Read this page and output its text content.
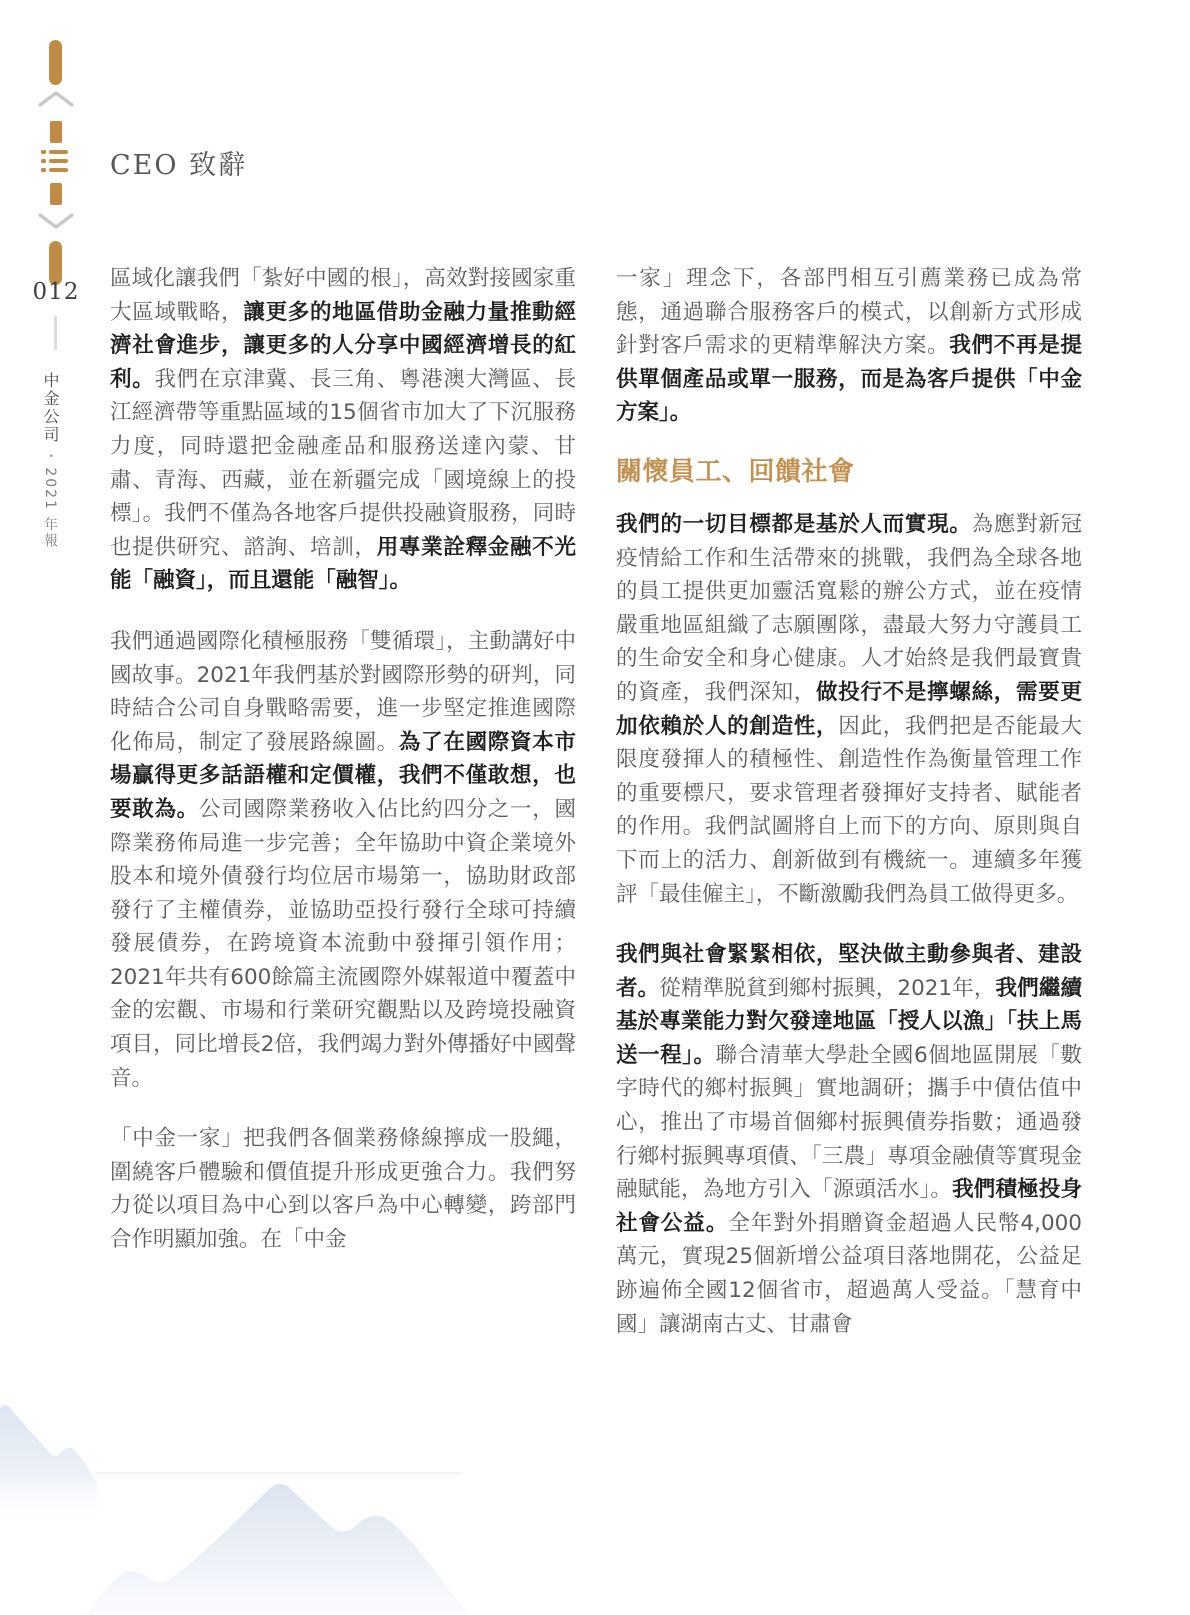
012
中金公司•2021 年報
CEO 致辭

區域化讓我們「紮好中國的根」，高效對接國家重大區域戰略，讓更多的地區借助金融力量推動經濟社會進步，讓更多的人分享中國經濟增長的紅利。我們在京津冀、長三角、粵港澳大灣區、長江經濟帶等重點區域的15個省市加大了下沉服務力度，同時還把金融產品和服務送達內蒙、甘肅、青海、西藏，並在新疆完成「國境線上的投標」。我們不僅為各地客戶提供投融資服務，同時也提供研究、諮詢、培訓，用專業詮釋金融不光能「融資」，而且還能「融智」。

我們通過國際化積極服務「雙循環」，主動講好中國故事。2021年我們基於對國際形勢的研判，同時結合公司自身戰略需要，進一步堅定推進國際化佈局，制定了發展路線圖。為了在國際資本市場贏得更多話語權和定價權，我們不僅敢想，也要敢為。公司國際業務收入佔比約四分之一，國際業務佈局進一步完善；全年協助中資企業境外股本和境外債發行均位居市場第一，協助財政部發行了主權債券，並協助亞投行發行全球可持續發展債券，在跨境資本流動中發揮引領作用；2021年共有600餘篇主流國際外媒報道中覆蓋中金的宏觀、市場和行業研究觀點以及跨境投融資項目，同比增長2倍，我們竭力對外傳播好中國聲音。

「中金一家」把我們各個業務條線擰成一股繩，圍繞客戶體驗和價值提升形成更強合力。我們努力從以項目為中心到以客戶為中心轉變，跨部門合作明顯加強。在「中金

一家」理念下，各部門相互引薦業務已成為常態，通過聯合服務客戶的模式，以創新方式形成針對客戶需求的更精準解決方案。我們不再是提供單個產品或單一服務，而是為客戶提供「中金方案」。

關懷員工、回饋社會

我們的一切目標都是基於人而實現。為應對新冠疫情給工作和生活帶來的挑戰，我們為全球各地的員工提供更加靈活寬鬆的辦公方式，並在疫情嚴重地區組織了志願團隊，盡最大努力守護員工的生命安全和身心健康。人才始終是我們最寶貴的資產，我們深知，做投行不是擰螺絲，需要更加依賴於人的創造性，因此，我們把是否能最大限度發揮人的積極性、創造性作為衡量管理工作的重要標尺，要求管理者發揮好支持者、賦能者的作用。我們試圖將自上而下的方向、原則與自下而上的活力、創新做到有機統一。連續多年獲評「最佳僱主」，不斷激勵我們為員工做得更多。

我們與社會緊緊相依，堅決做主動參與者、建設者。從精準脱貧到鄉村振興，2021年，我們繼續基於專業能力對欠發達地區「授人以漁」「扶上馬送一程」。聯合清華大學赴全國6個地區開展「數字時代的鄉村振興」實地調研；攜手中債估值中心，推出了市場首個鄉村振興債券指數；通過發行鄉村振興專項債、「三農」專項金融債等實現金融賦能，為地方引入「源頭活水」。我們積極投身社會公益。全年對外捐贈資金超過人民幣4,000萬元，實現25個新增公益項目落地開花，公益足跡遍佈全國12個省市，超過萬人受益。「慧育中國」讓湖南古丈、甘肅會
